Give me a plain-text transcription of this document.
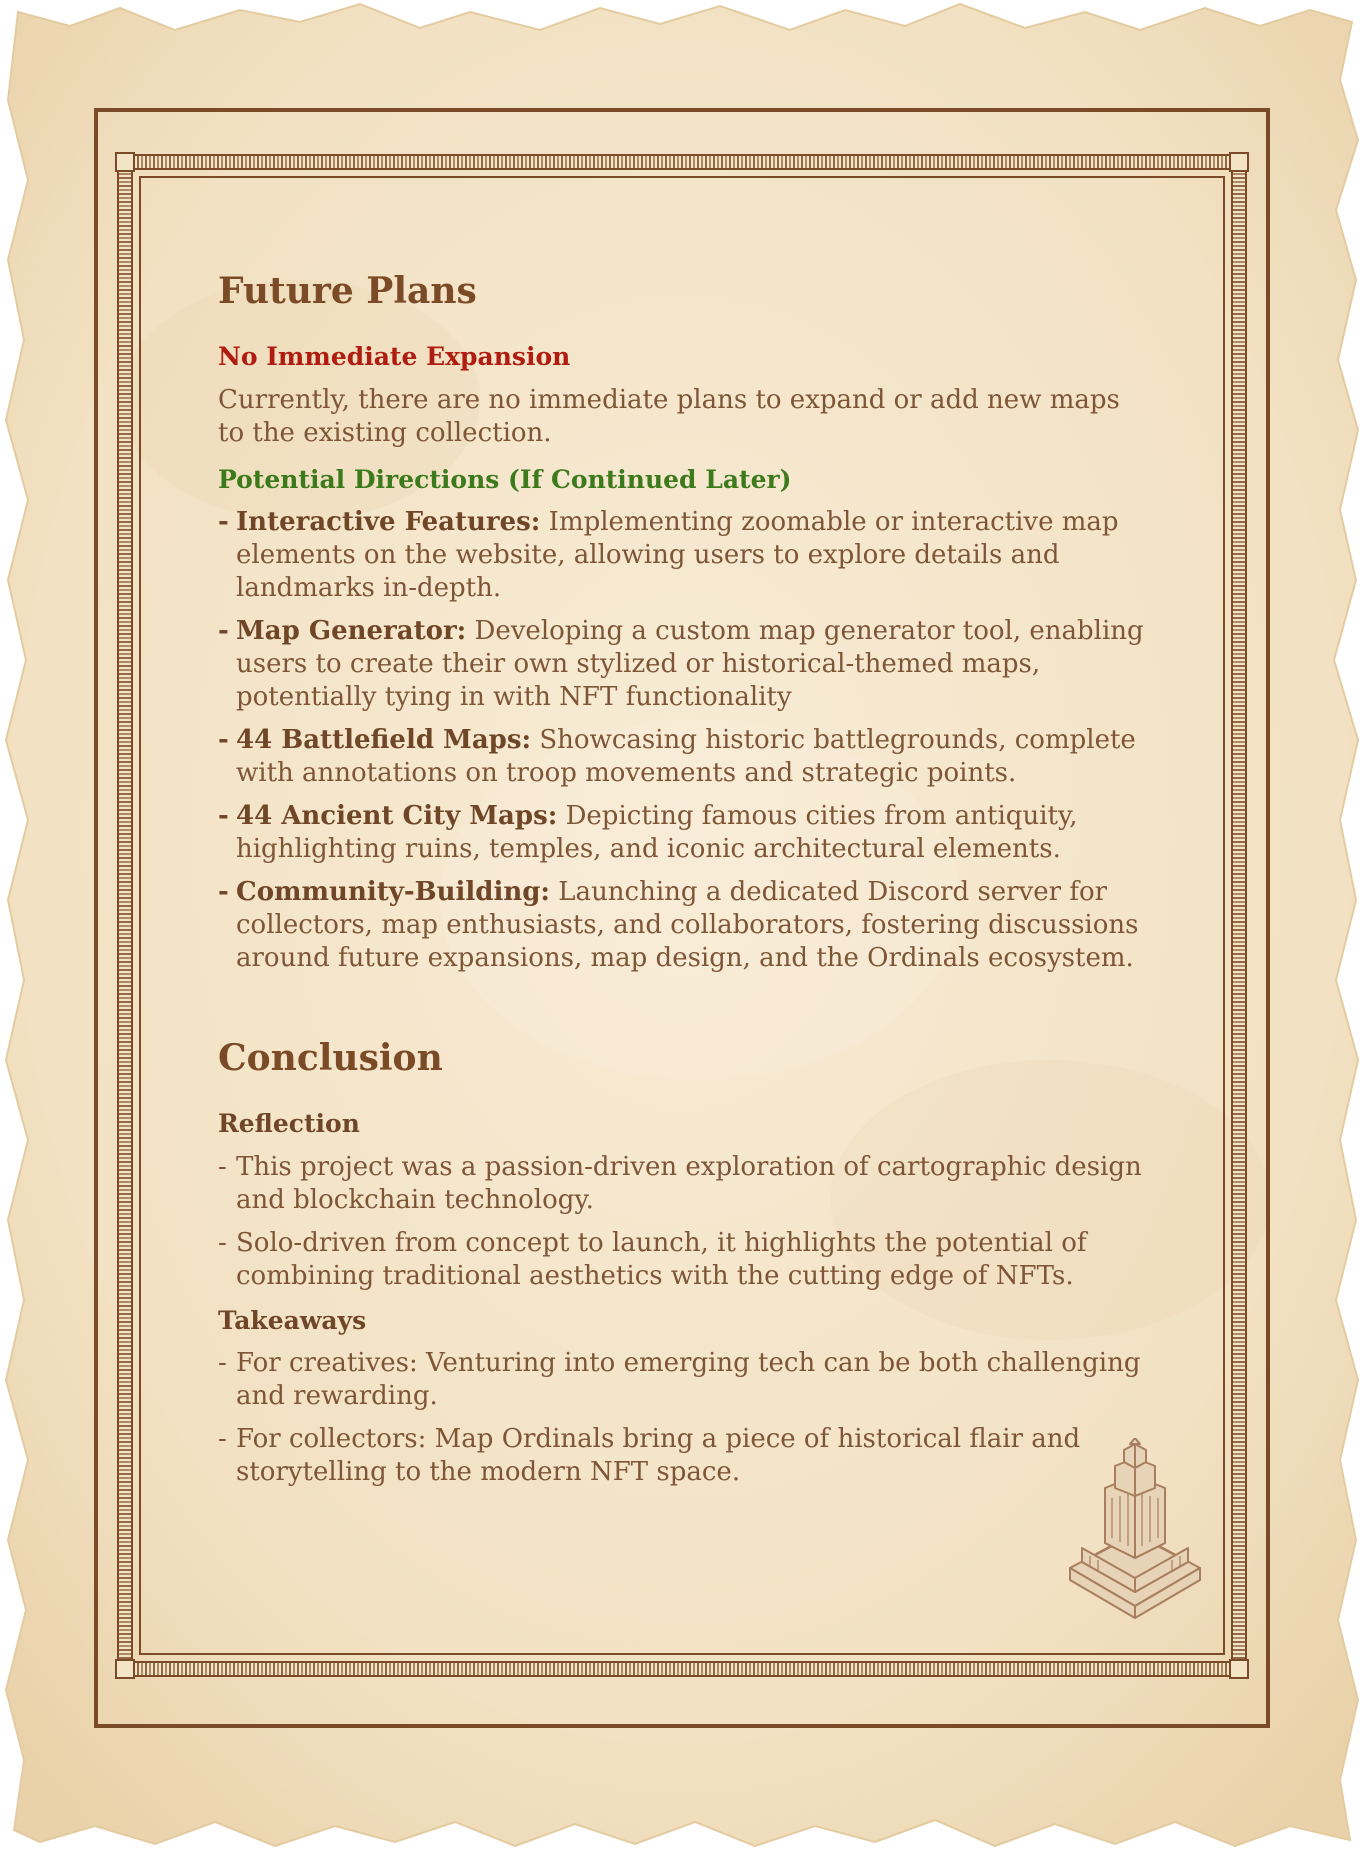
Future Plans
No Immediate Expansion

Currently, there are no immediate plans to expand or add new maps to the existing collection.

Potential Directions (If Continued Later)
- Interactive Features: Implementing zoomable or interactive map elements on the website, allowing users to explore details and landmarks in-depth.
- Map Generator: Developing a custom map generator tool, enabling users to create their own stylized or historical-themed maps, potentially tying in with NFT functionality
- 44 Battlefield Maps: Showcasing historic battlegrounds, complete with annotations on troop movements and strategic points.
- 44 Ancient City Maps: Depicting famous cities from antiquity, highlighting ruins, temples, and iconic architectural elements.
- Community-Building: Launching a dedicated Discord server for collectors, map enthusiasts, and collaborators, fostering discussions around future expansions, map design, and the Ordinals ecosystem.
Conclusion
Reflection
- This project was a passion-driven exploration of cartographic design and blockchain technology.
- Solo-driven from concept to launch, it highlights the potential of combining traditional aesthetics with the cutting edge of NFTs.
Takeaways
- For creatives: Venturing into emerging tech can be both challenging and rewarding.
- For collectors: Map Ordinals bring a piece of historical flair and storytelling to the modern NFT space.
